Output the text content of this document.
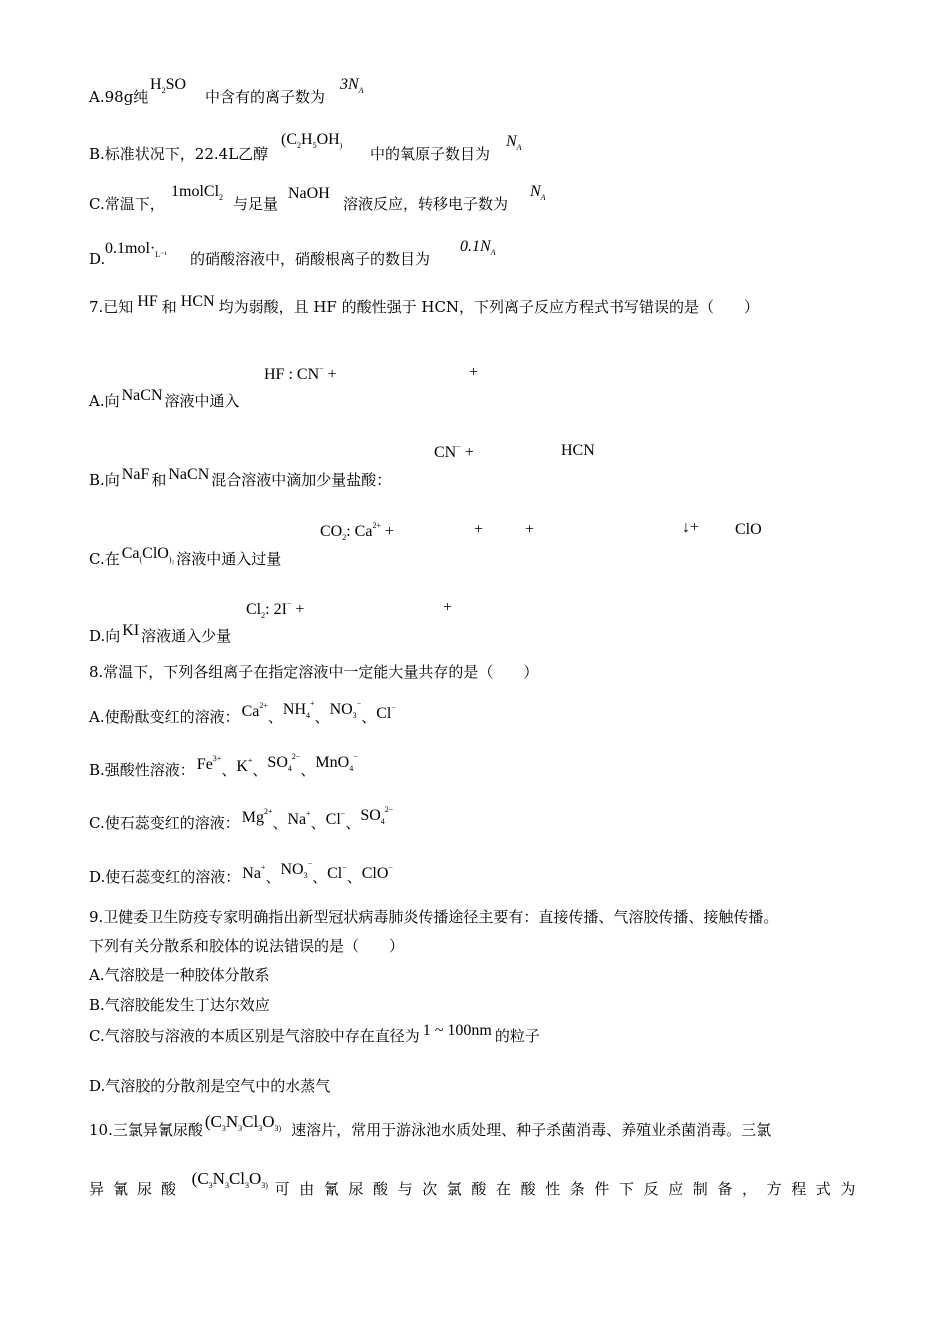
A.98g纯
$H_2SO$
中含有的离子数为
$3N_A$
B.标准状况下，22.4L乙醇
($C_2H_5OH_)$ 中的氧原子数目为
$N_A$
C.常温下，
1molCl$_2$ 与足量
NaOH
溶液反应，转移电子数为
$N_A$
D.
$0.1mol\cdot_{L^{-1}}$ 的硝酸溶液中，硝酸根离子的数目为
$0.1N_A$
7.已知 HF 和 HCN 均为弱酸，且 HF 的酸性强于 HCN，下列离子反应方程式书写错误的是（　　）
HF : CN− +	+
A.向 NaCN 溶液中通入
CN− +	HCN
B.向 NaF 和 NaCN 混合溶液中滴加少量盐酸：
$CO_2$: $Ca^{2+}$ +	+	+	↓+ ClO
C.在 $Ca_(ClO_{)_2}$ 溶液中通入过量
$Cl_2$: 2I− +	+
D.向 KI 溶液通入少量
8.常温下，下列各组离子在指定溶液中一定能大量共存的是（　　）
A.使酚酞变红的溶液： $Ca^{2+}$、$NH_4^+$、$NO_3^-$、Cl−
B.强酸性溶液： $Fe^{3+}$、K+、$SO_4^{2-}$、MnO$_4$−
C.使石蕊变红的溶液： $Mg^{2+}$、Na+、Cl−、$SO_4^{2-}$
D.使石蕊变红的溶液： Na+、$NO_3^-$、Cl−、ClO−
9.卫健委卫生防疫专家明确指出新型冠状病毒肺炎传播途径主要有：直接传播、气溶胶传播、接触传播。
下列有关分散系和胶体的说法错误的是（　　）
A.气溶胶是一种胶体分散系
B.气溶胶能发生丁达尔效应
C.气溶胶与溶液的本质区别是气溶胶中存在直径为 1 ~ 100nm 的粒子
D.气溶胶的分散剂是空气中的水蒸气
10.三氯异氰尿酸 ($C_3N_3Cl_3O_{3)}$ 速溶片，常用于游泳池水质处理、种子杀菌消毒、养殖业杀菌消毒。三氯
异氰尿酸
($C_3N_3Cl_3O_{3)}$ 可由氰尿酸与次氯酸在酸性条件下反应制备，方程式为
